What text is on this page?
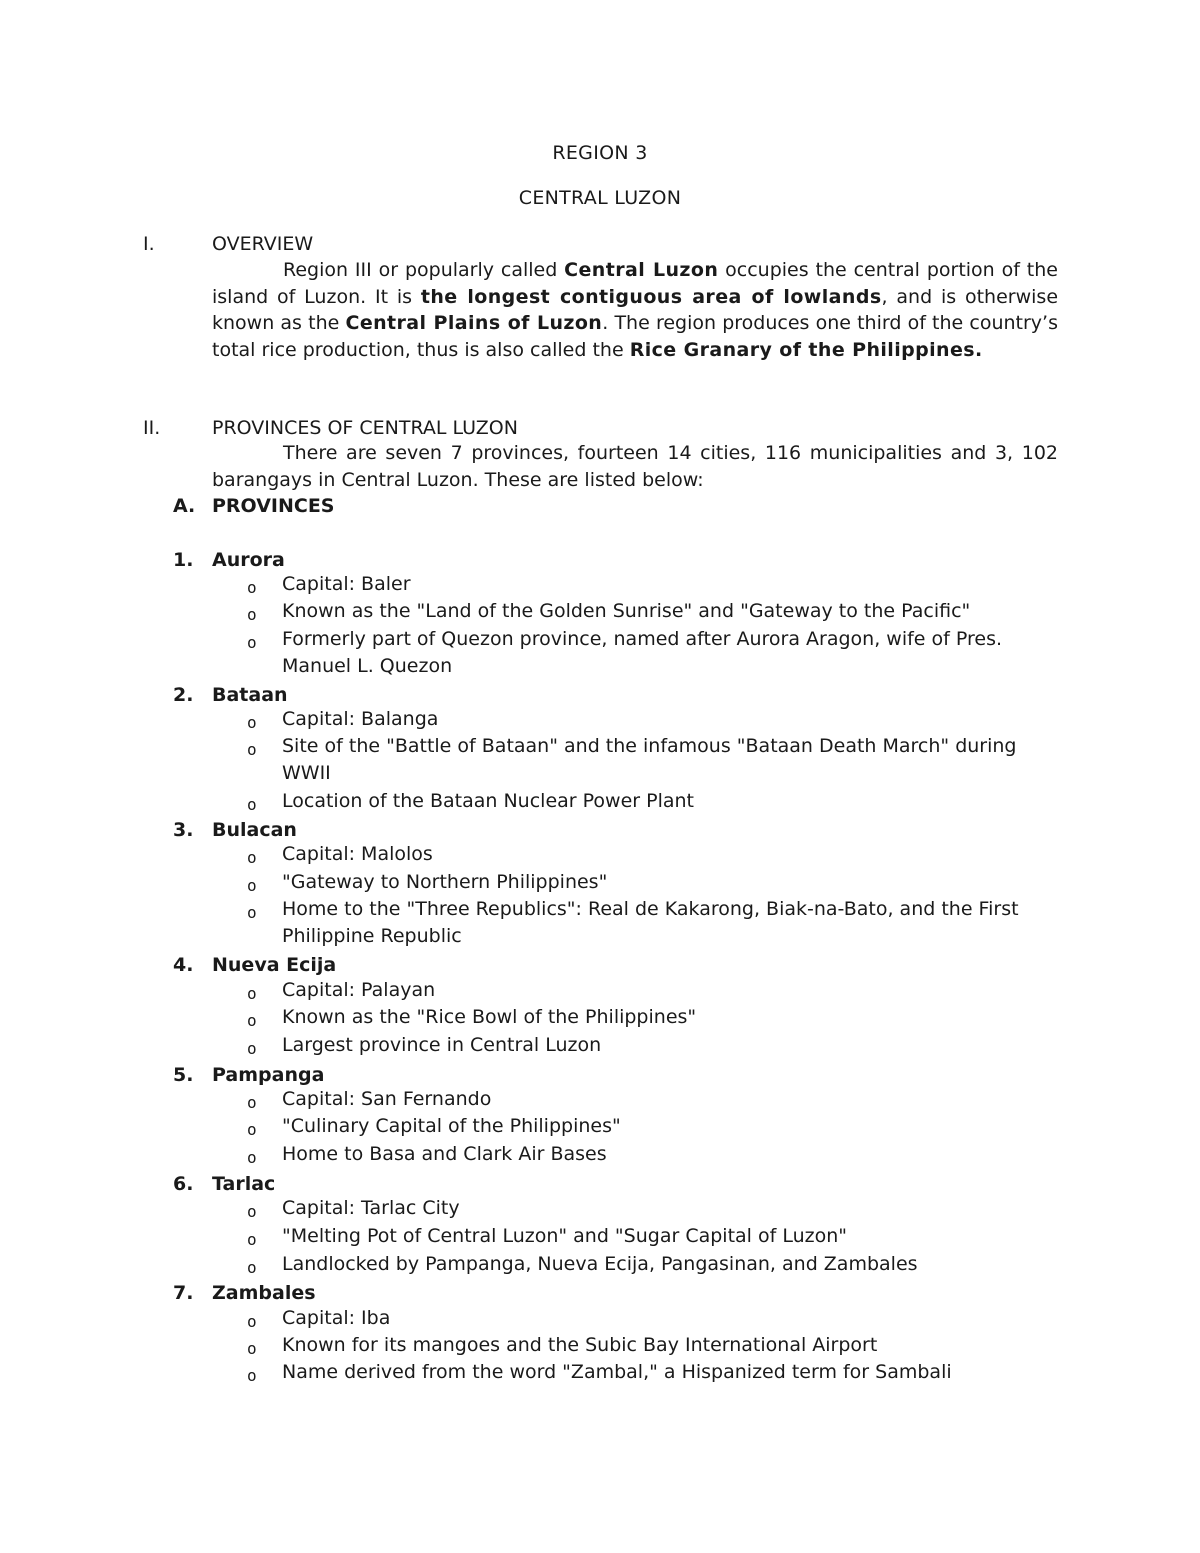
REGION 3
CENTRAL LUZON
I.	OVERVIEW
Region III or popularly called Central Luzon occupies the central portion of the island of Luzon. It is the longest contiguous area of lowlands, and is otherwise known as the Central Plains of Luzon. The region produces one third of the country’s total rice production, thus is also called the Rice Granary of the Philippines.
II.	PROVINCES OF CENTRAL LUZON
There are seven 7 provinces, fourteen 14 cities, 116 municipalities and 3, 102 barangays in Central Luzon. These are listed below:
A. PROVINCES
1. Aurora
o Capital: Baler
o Known as the "Land of the Golden Sunrise" and "Gateway to the Pacific"
o Formerly part of Quezon province, named after Aurora Aragon, wife of Pres. Manuel L. Quezon
2. Bataan
o Capital: Balanga
o Site of the "Battle of Bataan" and the infamous "Bataan Death March" during WWII
o Location of the Bataan Nuclear Power Plant
3. Bulacan
o Capital: Malolos
o "Gateway to Northern Philippines"
o Home to the "Three Republics": Real de Kakarong, Biak-na-Bato, and the First Philippine Republic
4. Nueva Ecija
o Capital: Palayan
o Known as the "Rice Bowl of the Philippines"
o Largest province in Central Luzon
5. Pampanga
o Capital: San Fernando
o "Culinary Capital of the Philippines"
o Home to Basa and Clark Air Bases
6. Tarlac
o Capital: Tarlac City
o "Melting Pot of Central Luzon" and "Sugar Capital of Luzon"
o Landlocked by Pampanga, Nueva Ecija, Pangasinan, and Zambales
7. Zambales
o Capital: Iba
o Known for its mangoes and the Subic Bay International Airport
o Name derived from the word "Zambal," a Hispanized term for Sambali
